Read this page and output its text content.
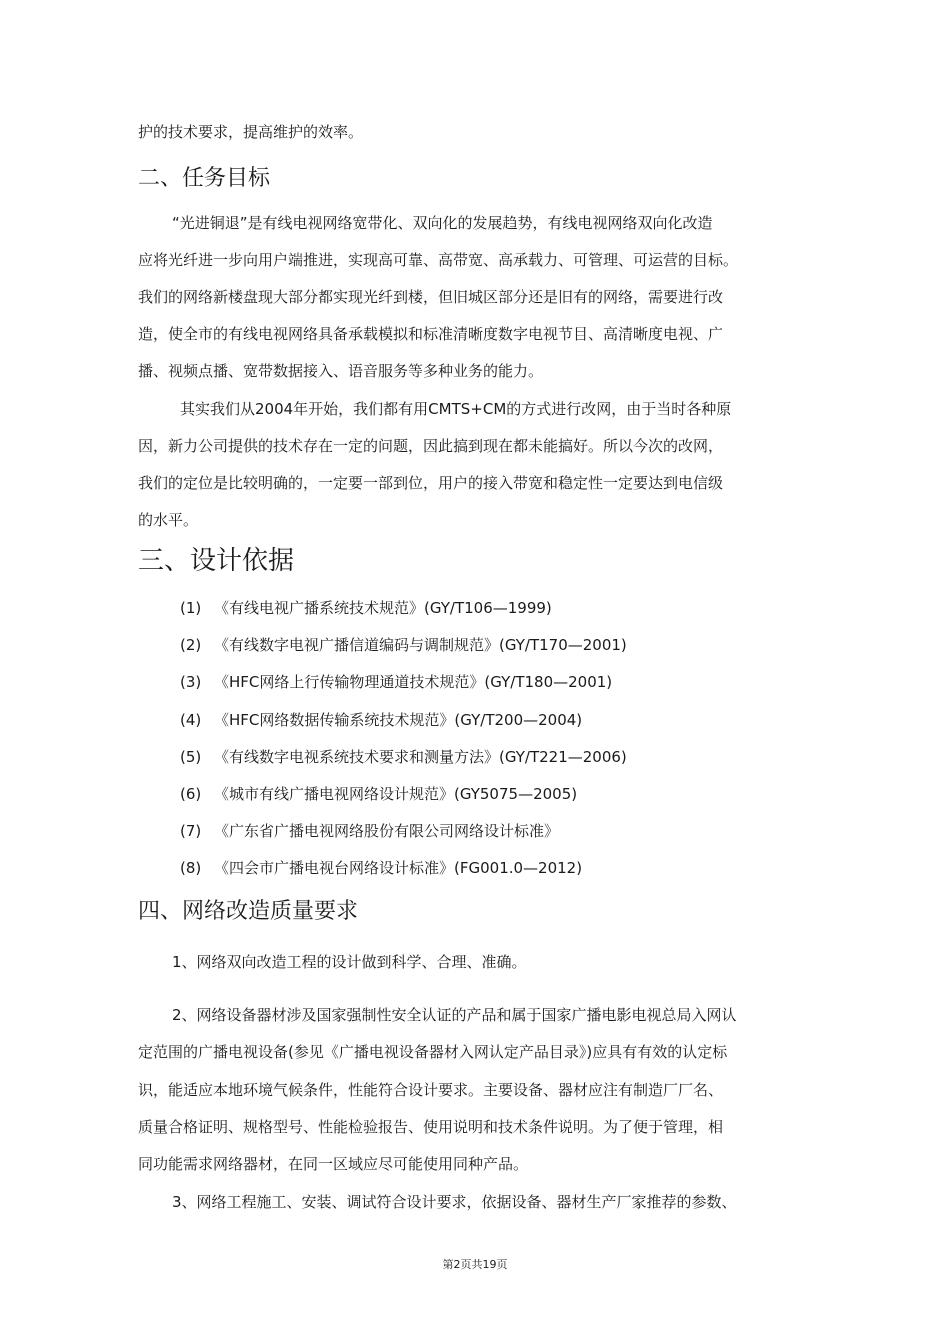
护的技术要求，提高维护的效率。
二、任务目标
“光进铜退”是有线电视网络宽带化、双向化的发展趋势，有线电视网络双向化改造
应将光纤进一步向用户端推进，实现高可靠、高带宽、高承载力、可管理、可运营的目标。
我们的网络新楼盘现大部分都实现光纤到楼，但旧城区部分还是旧有的网络，需要进行改
造，使全市的有线电视网络具备承载模拟和标准清晰度数字电视节目、高清晰度电视、广
播、视频点播、宽带数据接入、语音服务等多种业务的能力。
其实我们从2004年开始，我们都有用CMTS+CM的方式进行改网，由于当时各种原
因，新力公司提供的技术存在一定的问题，因此搞到现在都未能搞好。所以今次的改网，
我们的定位是比较明确的，一定要一部到位，用户的接入带宽和稳定性一定要达到电信级
的水平。
三、设计依据
(1) 《有线电视广播系统技术规范》(GY/T106—1999)
(2) 《有线数字电视广播信道编码与调制规范》(GY/T170—2001)
(3) 《HFC网络上行传输物理通道技术规范》(GY/T180—2001)
(4) 《HFC网络数据传输系统技术规范》(GY/T200—2004)
(5) 《有线数字电视系统技术要求和测量方法》(GY/T221—2006)
(6) 《城市有线广播电视网络设计规范》(GY5075—2005)
(7) 《广东省广播电视网络股份有限公司网络设计标准》
(8) 《四会市广播电视台网络设计标准》(FG001.0—2012)
四、网络改造质量要求
1、网络双向改造工程的设计做到科学、合理、准确。
2、网络设备器材涉及国家强制性安全认证的产品和属于国家广播电影电视总局入网认
定范围的广播电视设备(参见《广播电视设备器材入网认定产品目录》)应具有有效的认定标
识，能适应本地环境气候条件，性能符合设计要求。主要设备、器材应注有制造厂厂名、
质量合格证明、规格型号、性能检验报告、使用说明和技术条件说明。为了便于管理，相
同功能需求网络器材，在同一区域应尽可能使用同种产品。
3、网络工程施工、安装、调试符合设计要求，依据设备、器材生产厂家推荐的参数、
第2页共19页
